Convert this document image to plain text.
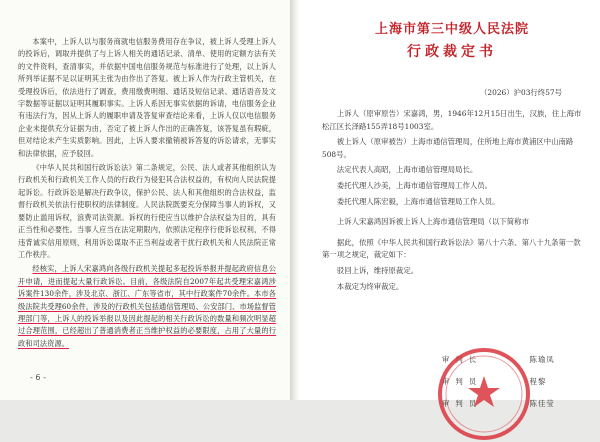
本案中，上诉人以与服务商就电信服务费用存在争议，被上诉人受理上诉人的投诉后，调取并提供了与上诉人相关的通话记录、清单、使用的定额方法有关的文件资料，查清事实，并依据中国电信服务规范与标准进行了处理，以上诉人所列举证据不足以证明其主张为由作出了答复。被上诉人作为行政主管机关，在受理投诉后，依法进行了调查，费用缴费明细、通话及短信记录、通话语音及文字数据等证据以证明其履职事实。上诉人系因无事实依据的诉请，电信服务企业有违法行为，因从上诉人的履职申请及答复审查结论来看，上诉人仅以电信服务企业未提供充分证据为由，否定了被上诉人作出的正确答复，该答复虽有瑕疵，但对结论未产生实质影响。因此，上诉人要求撤销被诉答复的诉讼请求，无事实和法律依据，应予驳回。

《中华人民共和国行政诉讼法》第二条规定，公民、法人或者其他组织认为行政机关和行政机关工作人员的行政行为侵犯其合法权益的，有权向人民法院提起诉讼。行政诉讼是解决行政争议，保护公民、法人和其他组织的合法权益，监督行政机关依法行使职权的法律制度。人民法院既要充分保障当事人的诉权，又要防止滥用诉权，浪费司法资源。诉权的行使应当以维护合法权益为目的，具有正当性和必要性。当事人应当在法定期限内，依照法定程序行使诉讼权利，不得违背诚实信用原则，利用诉讼谋取不正当利益或者干扰行政机关和人民法院正常工作秩序。

经核实，上诉人宋嘉鸿向各级行政机关提起多起投诉举报并提起政府信息公开申请，进而提起大量行政诉讼。目前，各级法院自2007年起共受理宋嘉鸿涉诉案件130余件，涉及北京、浙江、广东等省市，其中行政案件70余件。本市各级法院共受理60余件，涉及的行政机关包括通信管理局、公安部门、市场监督管理部门等，上诉人的投诉举报以及因此提起的相关行政诉讼的数量和频次明显超过合理范围，已经超出了普通消费者正当维护权益的必要限度，占用了大量的行政和司法资源。

- 6 -
上海市第三中级人民法院
行政裁定书
（2026）沪03行终57号

上诉人（原审原告）宋嘉鸿，男，1946年12月15日出生，汉族，住上海市松江区长泽路155弄18号1003室。

被上诉人（原审被告）上海市通信管理局，住所地上海市黄浦区中山南路508号。

法定代表人高昭，上海市通信管理局局长。

委托代理人沙美，上海市通信管理局工作人员。

委托代理人陈宏毅，上海市通信管理局工作人员。

上诉人宋嘉鸿因诉被上诉人上海市通信管理局（以下简称市

据此，依照《中华人民共和国行政诉讼法》第八十六条、第八十九条第一款第一项之规定，裁定如下：

驳回上诉，维持原裁定。

本裁定为终审裁定。

审判长	陈瑜凤
审判员	程黎
审判员	陈佳莹
